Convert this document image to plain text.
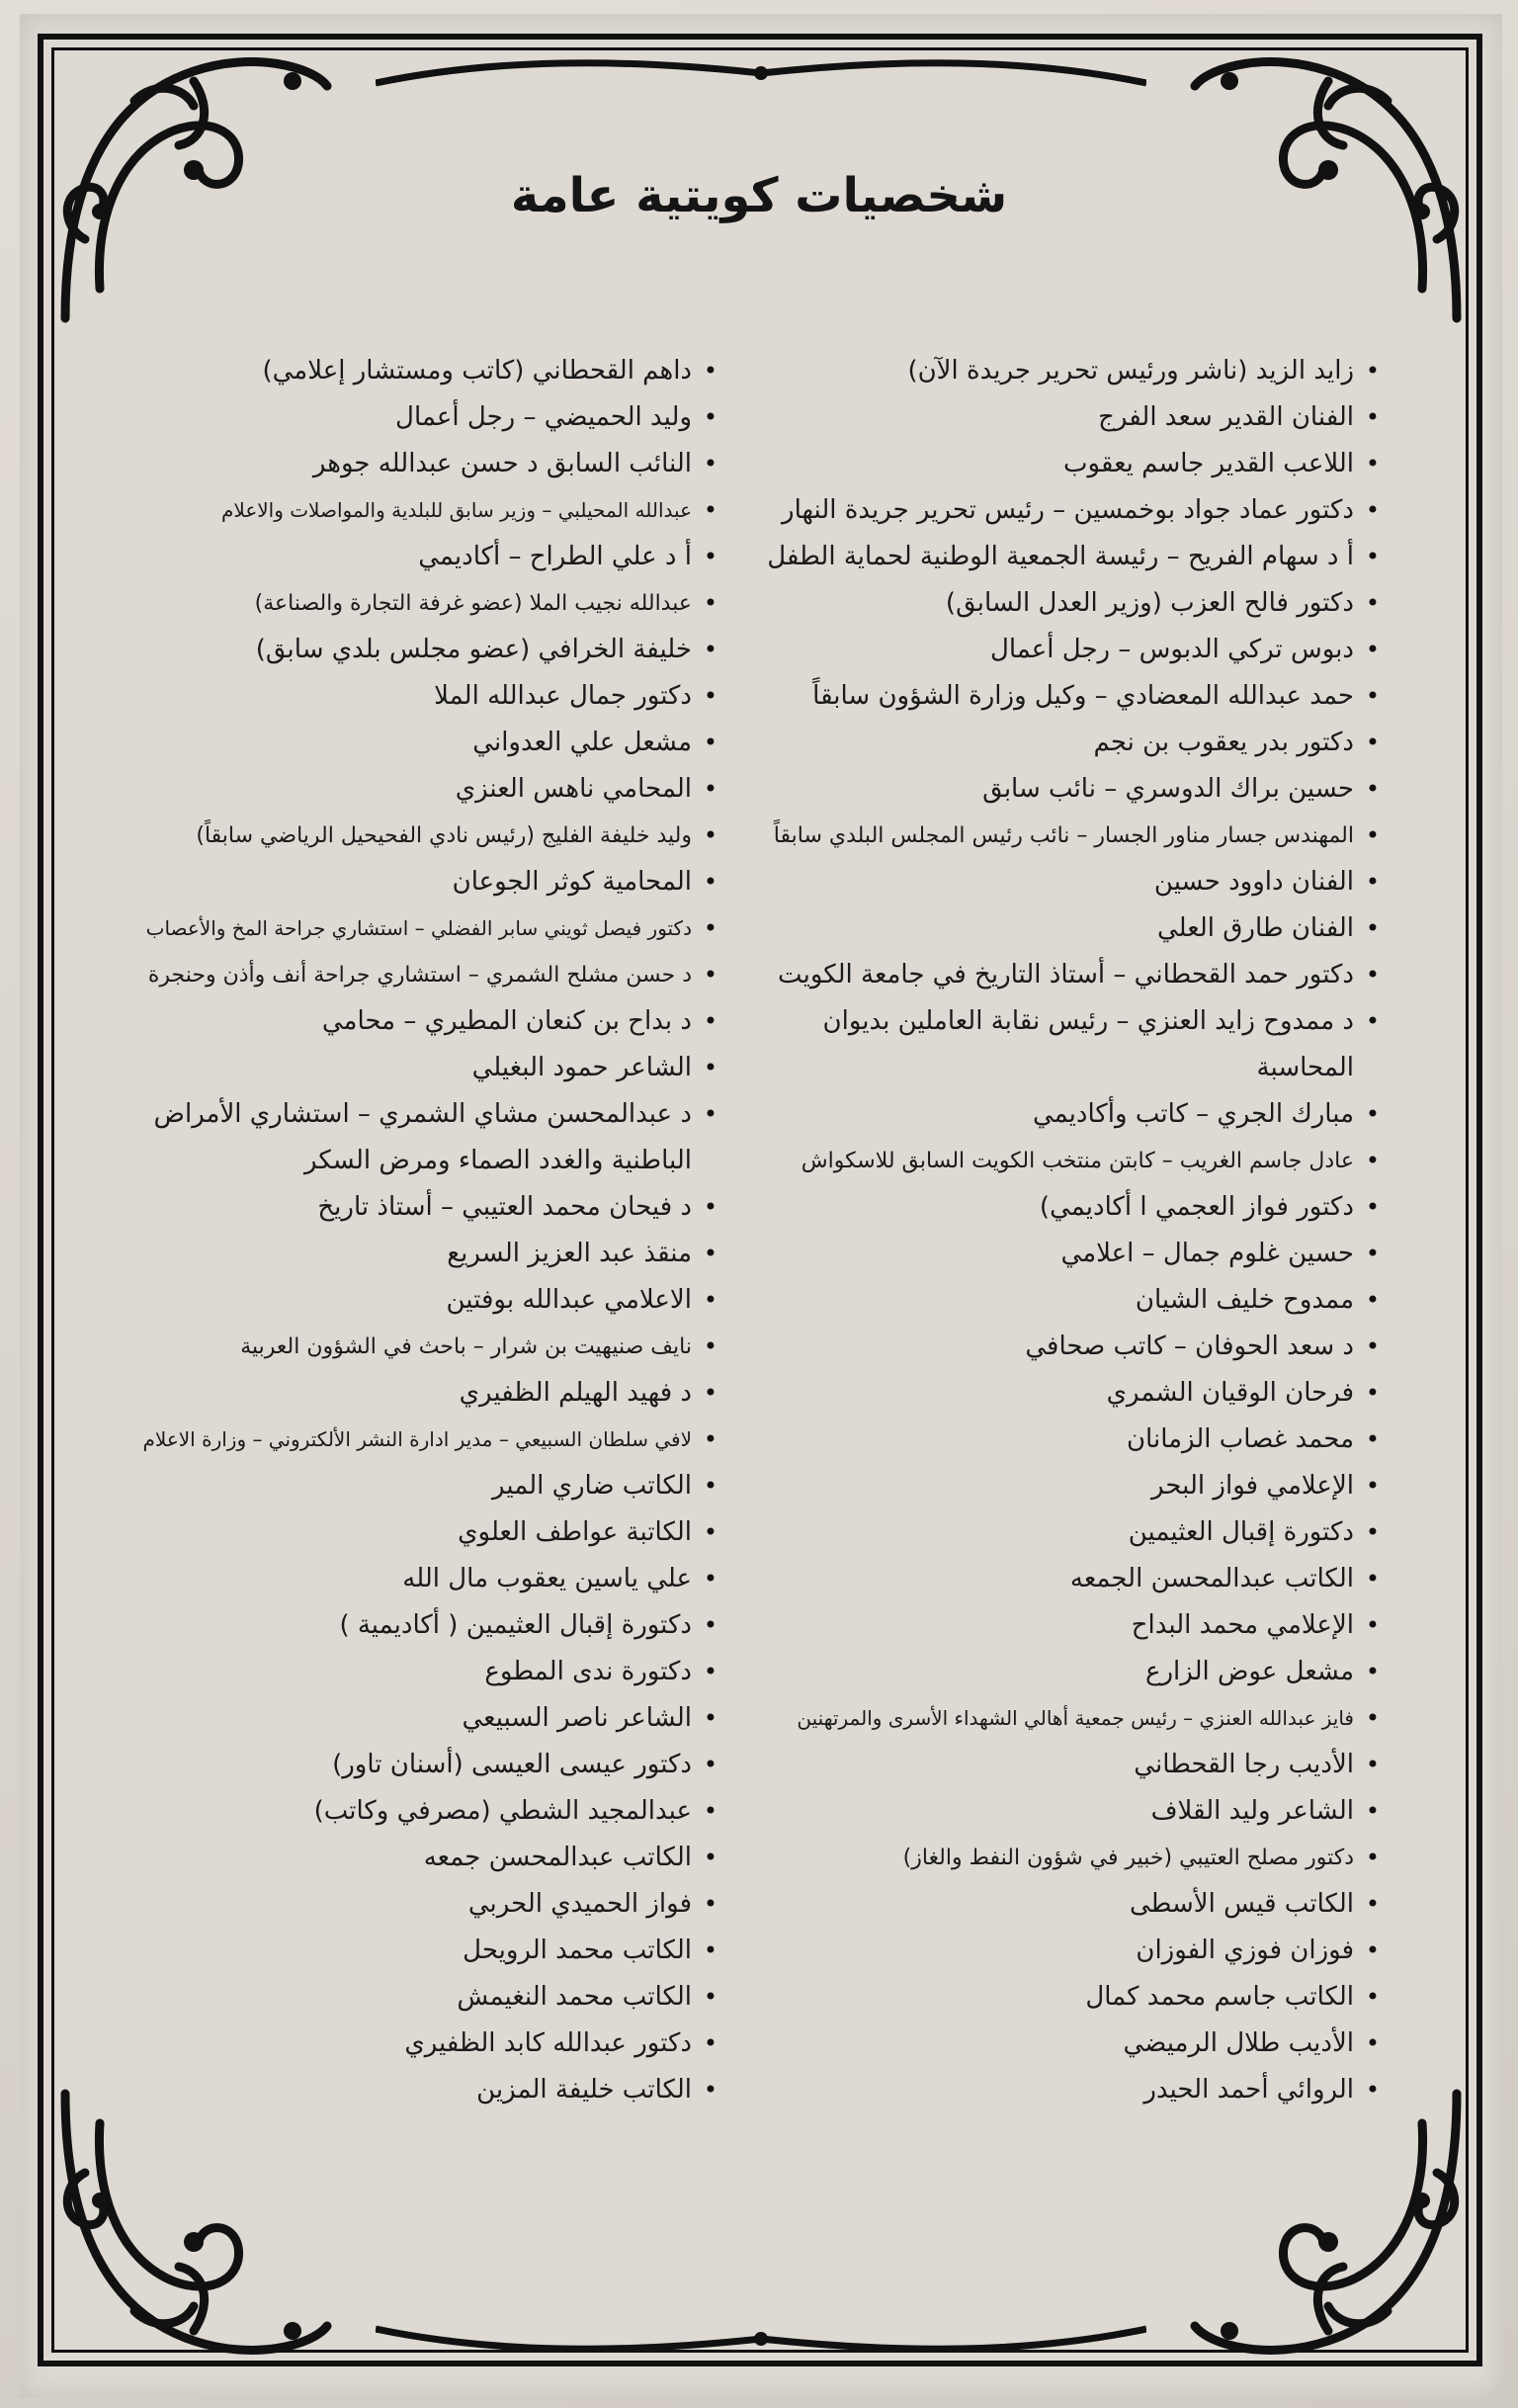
شخصيات كويتية عامة
• زايد الزيد (ناشر ورئيس تحرير جريدة الآن)
• الفنان القدير سعد الفرج
• اللاعب القدير جاسم يعقوب
• دكتور عماد جواد بوخمسين – رئيس تحرير جريدة النهار
• أ د سهام الفريح – رئيسة الجمعية الوطنية لحماية الطفل
• دكتور فالح العزب (وزير العدل السابق)
• دبوس تركي الدبوس – رجل أعمال
• حمد عبدالله المعضادي – وكيل وزارة الشؤون سابقاً
• دكتور بدر يعقوب بن نجم
• حسين براك الدوسري – نائب سابق
• المهندس جسار مناور الجسار – نائب رئيس المجلس البلدي سابقاً
• الفنان داوود حسين
• الفنان طارق العلي
• دكتور حمد القحطاني – أستاذ التاريخ في جامعة الكويت
• د ممدوح زايد العنزي – رئيس نقابة العاملين بديوان المحاسبة
• مبارك الجري – كاتب وأكاديمي
• عادل جاسم الغريب – كابتن منتخب الكويت السابق للاسكواش
• دكتور فواز العجمي ا أكاديمي)
• حسين غلوم جمال – اعلامي
• ممدوح خليف الشيان
• د سعد الحوفان – كاتب صحافي
• فرحان الوقيان الشمري
• محمد غصاب الزمانان
• الإعلامي فواز البحر
• دكتورة إقبال العثيمين
• الكاتب عبدالمحسن الجمعه
• الإعلامي محمد البداح
• مشعل عوض الزارع
• فايز عبدالله العنزي – رئيس جمعية أهالي الشهداء الأسرى والمرتهنين
• الأديب رجا القحطاني
• الشاعر وليد القلاف
• دكتور مصلح العتيبي (خبير في شؤون النفط والغاز)
• الكاتب قيس الأسطى
• فوزان فوزي الفوزان
• الكاتب جاسم محمد كمال
• الأديب طلال الرميضي
• الروائي أحمد الحيدر
• داهم القحطاني (كاتب ومستشار إعلامي)
• وليد الحميضي – رجل أعمال
• النائب السابق د حسن عبدالله جوهر
• عبدالله المحيلبي – وزير سابق للبلدية والمواصلات والاعلام
• أ د علي الطراح – أكاديمي
• عبدالله نجيب الملا (عضو غرفة التجارة والصناعة)
• خليفة الخرافي (عضو مجلس بلدي سابق)
• دكتور جمال عبدالله الملا
• مشعل علي العدواني
• المحامي ناهس العنزي
• وليد خليفة الفليج (رئيس نادي الفحيحيل الرياضي سابقاً)
• المحامية كوثر الجوعان
• دكتور فيصل ثويني سابر الفضلي – استشاري جراحة المخ والأعصاب
• د حسن مشلح الشمري – استشاري جراحة أنف وأذن وحنجرة
• د بداح بن كنعان المطيري – محامي
• الشاعر حمود البغيلي
• د عبدالمحسن مشاي الشمري – استشاري الأمراض الباطنية والغدد الصماء ومرض السكر
• د فيحان محمد العتيبي – أستاذ تاريخ
• منقذ عبد العزيز السريع
• الاعلامي عبدالله بوفتين
• نايف صنيهيت بن شرار – باحث في الشؤون العربية
• د فهيد الهيلم الظفيري
• لافي سلطان السبيعي – مدير ادارة النشر الألكتروني – وزارة الاعلام
• الكاتب ضاري المير
• الكاتبة عواطف العلوي
• علي ياسين يعقوب مال الله
• دكتورة إقبال العثيمين ( أكاديمية )
• دكتورة ندى المطوع
• الشاعر ناصر السبيعي
• دكتور عيسى العيسى (أسنان تاور)
• عبدالمجيد الشطي (مصرفي وكاتب)
• الكاتب عبدالمحسن جمعه
• فواز الحميدي الحربي
• الكاتب محمد الرويحل
• الكاتب محمد النغيمش
• دكتور عبدالله كابد الظفيري
• الكاتب خليفة المزين
